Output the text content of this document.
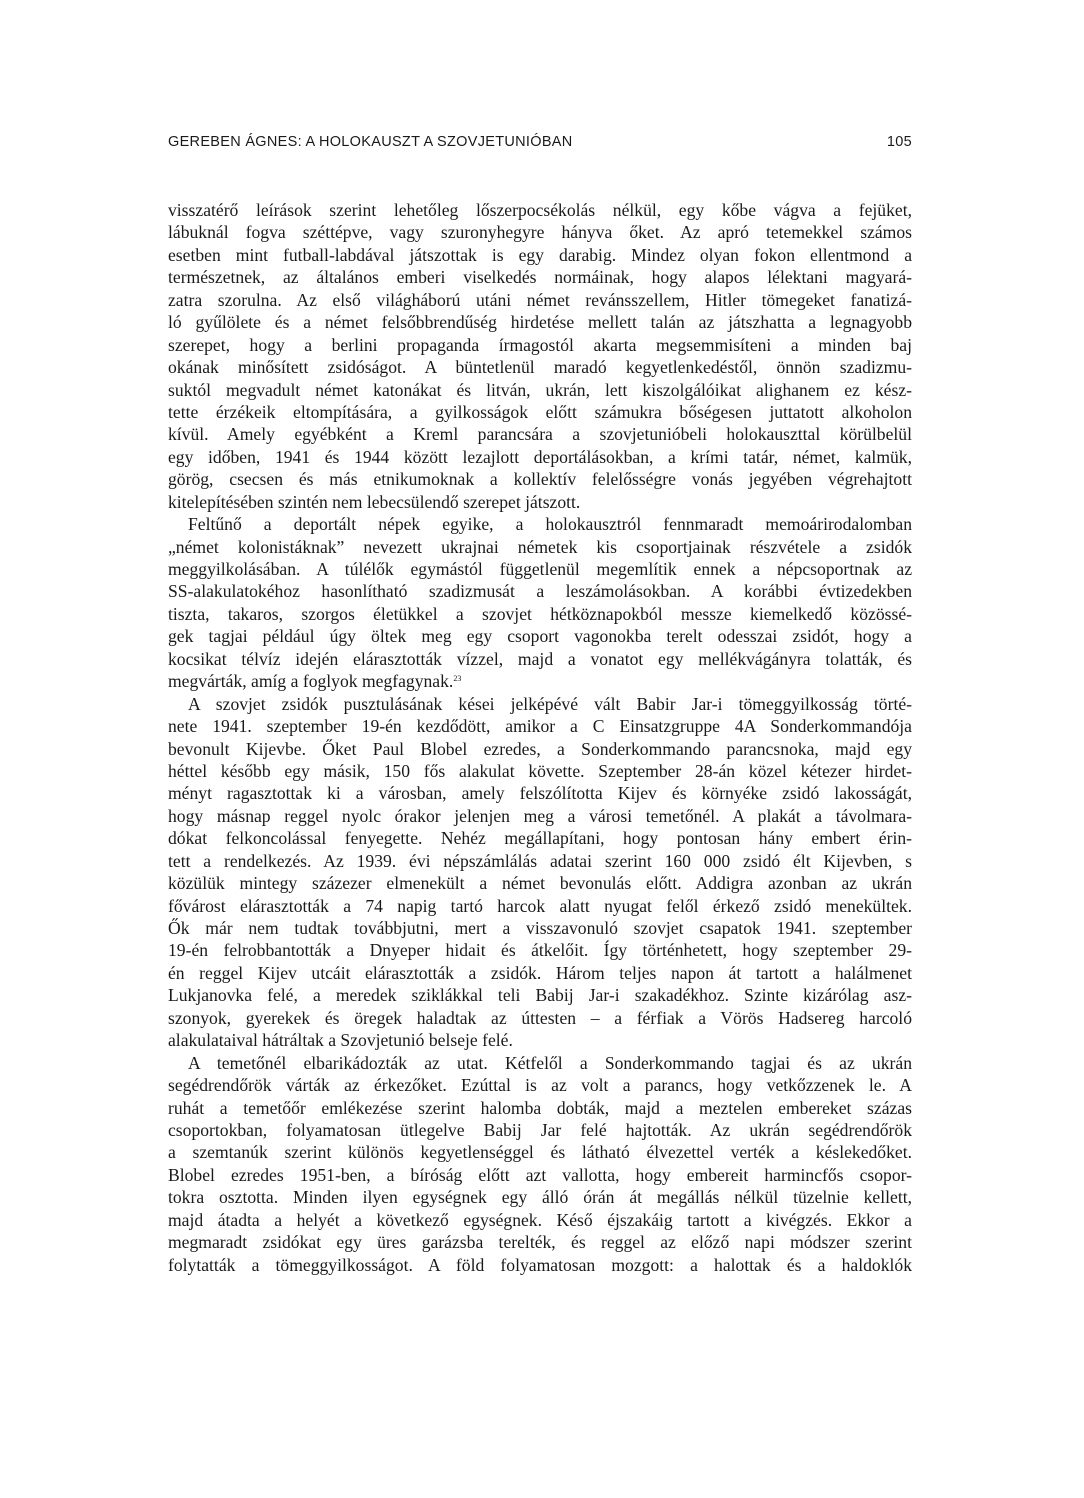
GEREBEN ÁGNES: A HOLOKAUSZT A SZOVJETUNIÓBAN	105

visszatérő leírások szerint lehetőleg lőszerpocsékolás nélkül, egy kőbe vágva a fejüket,
lábuknál fogva széttépve, vagy szuronyhegyre hányva őket. Az apró tetemekkel számos
esetben mint futball-labdával játszottak is egy darabig. Mindez olyan fokon ellentmond a
természetnek, az általános emberi viselkedés normáinak, hogy alapos lélektani magyará-
zatra szorulna. Az első világháború utáni német revánsszellem, Hitler tömegeket fanatizá-
ló gyűlölete és a német felsőbbrendűség hirdetése mellett talán az játszhatta a legnagyobb
szerepet, hogy a berlini propaganda írmagostól akarta megsemmisíteni a minden baj
okának minősített zsidóságot. A büntetlenül maradó kegyetlenkedéstől, önnön szadizmu-
suktól megvadult német katonákat és litván, ukrán, lett kiszolgálóikat alighanem ez kész-
tette érzékeik eltompítására, a gyilkosságok előtt számukra bőségesen juttatott alkoholon
kívül. Amely egyébként a Kreml parancsára a szovjetunióbeli holokauszttal körülbelül
egy időben, 1941 és 1944 között lezajlott deportálásokban, a krími tatár, német, kalmük,
görög, csecsen és más etnikumoknak a kollektív felelősségre vonás jegyében végrehajtott
kitelepítésében szintén nem lebecsülendő szerepet játszott.

Feltűnő a deportált népek egyike, a holokausztról fennmaradt memoárirodalomban
„német kolonistáknak” nevezett ukrajnai németek kis csoportjainak részvétele a zsidók
meggyilkolásában. A túlélők egymástól függetlenül megemlítik ennek a népcsoportnak az
SS-alakulatokéhoz hasonlítható szadizmusát a leszámolásokban. A korábbi évtizedekben
tiszta, takaros, szorgos életükkel a szovjet hétköznapokból messze kiemelkedő közössé-
gek tagjai például úgy öltek meg egy csoport vagonokba terelt odesszai zsidót, hogy a
kocsikat télvíz idején elárasztották vízzel, majd a vonatot egy mellékvágányra tolatták, és
megvárták, amíg a foglyok megfagynak.$^{23}$

A szovjet zsidók pusztulásának kései jelképévé vált Babir Jar-i tömeggyilkosság törté-
nete 1941. szeptember 19-én kezdődött, amikor a C Einsatzgruppe 4A Sonderkommandója
bevonult Kijevbe. Őket Paul Blobel ezredes, a Sonderkommando parancsnoka, majd egy
héttel később egy másik, 150 fős alakulat követte. Szeptember 28-án közel kétezer hirdet-
ményt ragasztottak ki a városban, amely felszólította Kijev és környéke zsidó lakosságát,
hogy másnap reggel nyolc órakor jelenjen meg a városi temetőnél. A plakát a távolmara-
dókat felkoncolással fenyegette. Nehéz megállapítani, hogy pontosan hány embert érin-
tett a rendelkezés. Az 1939. évi népszámlálás adatai szerint 160 000 zsidó élt Kijevben, s
közülük mintegy százezer elmenekült a német bevonulás előtt. Addigra azonban az ukrán
fővárost elárasztották a 74 napig tartó harcok alatt nyugat felől érkező zsidó menekültek.
Ők már nem tudtak továbbjutni, mert a visszavonuló szovjet csapatok 1941. szeptember
19-én felrobbantották a Dnyeper hidait és átkelőit. Így történhetett, hogy szeptember 29-
én reggel Kijev utcáit elárasztották a zsidók. Három teljes napon át tartott a halálmenet
Lukjanovka felé, a meredek sziklákkal teli Babij Jar-i szakadékhoz. Szinte kizárólag asz-
szonyok, gyerekek és öregek haladtak az úttesten – a férfiak a Vörös Hadsereg harcoló
alakulataival hátráltak a Szovjetunió belseje felé.

A temetőnél elbarikádozták az utat. Kétfelől a Sonderkommando tagjai és az ukrán
segédrendőrök várták az érkezőket. Ezúttal is az volt a parancs, hogy vetkőzzenek le. A
ruhát a temetőőr emlékezése szerint halomba dobták, majd a meztelen embereket százas
csoportokban, folyamatosan ütlegelve Babij Jar felé hajtották. Az ukrán segédrendőrök
a szemtanúk szerint különös kegyetlenséggel és látható élvezettel verték a késlekedőket.
Blobel ezredes 1951-ben, a bíróság előtt azt vallotta, hogy embereit harmincfős csopor-
tokra osztotta. Minden ilyen egységnek egy álló órán át megállás nélkül tüzelnie kellett,
majd átadta a helyét a következő egységnek. Késő éjszakáig tartott a kivégzés. Ekkor a
megmaradt zsidókat egy üres garázsba terelték, és reggel az előző napi módszer szerint
folytatták a tömeggyilkosságot. A föld folyamatosan mozgott: a halottak és a haldoklók
